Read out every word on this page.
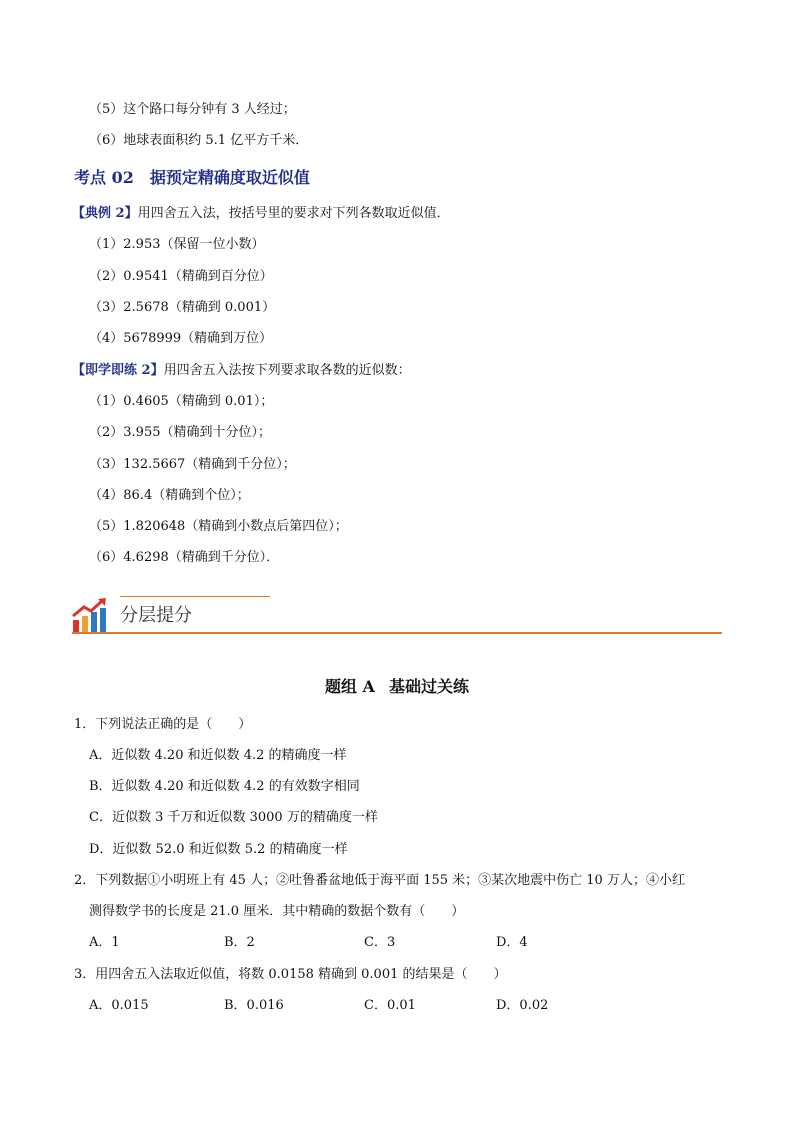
（5）这个路口每分钟有 3 人经过；
（6）地球表面积约 5.1 亿平方千米．
考点 02 据预定精确度取近似值
【典例 2】用四舍五入法，按括号里的要求对下列各数取近似值．
（1）2.953（保留一位小数）
（2）0.9541（精确到百分位）
（3）2.5678（精确到 0.001）
（4）5678999（精确到万位）
【即学即练 2】用四舍五入法按下列要求取各数的近似数：
（1）0.4605（精确到 0.01）；
（2）3.955（精确到十分位）；
（3）132.5667（精确到千分位）；
（4）86.4（精确到个位）；
（5）1.820648（精确到小数点后第四位）；
（6）4.6298（精确到千分位）．
分层提分
题组 A 基础过关练
1．下列说法正确的是（　　）
A．近似数 4.20 和近似数 4.2 的精确度一样
B．近似数 4.20 和近似数 4.2 的有效数字相同
C．近似数 3 千万和近似数 3000 万的精确度一样
D．近似数 52.0 和近似数 5.2 的精确度一样
2．下列数据①小明班上有 45 人；②吐鲁番盆地低于海平面 155 米；③某次地震中伤亡 10 万人；④小红
测得数学书的长度是 21.0 厘米．其中精确的数据个数有（　　）
A．1	B．2	C．3	D．4
3．用四舍五入法取近似值，将数 0.0158 精确到 0.001 的结果是（　　）
A．0.015	B．0.016	C．0.01	D．0.02
